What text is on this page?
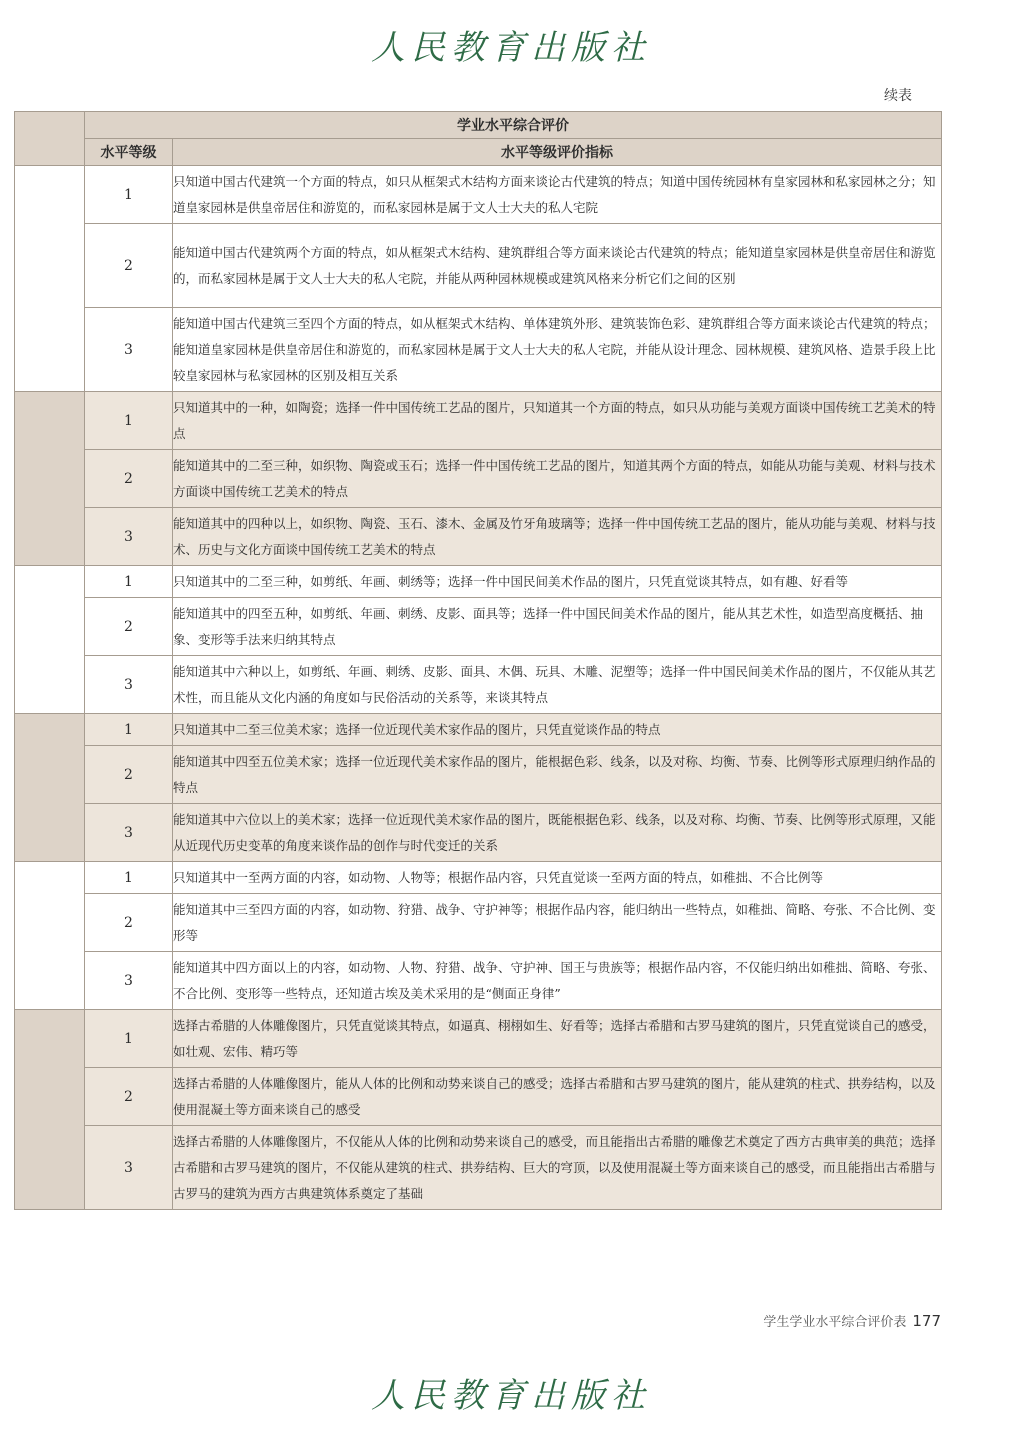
人民教育出版社
续表
	学业水平综合评价	
	水平等级	水平等级评价指标
	1	只知道中国古代建筑一个方面的特点，如只从框架式木结构方面来谈论古代建筑的特点；知道中国传统园林有皇家园林和私家园林之分；知道皇家园林是供皇帝居住和游览的，而私家园林是属于文人士大夫的私人宅院
	2	能知道中国古代建筑两个方面的特点，如从框架式木结构、建筑群组合等方面来谈论古代建筑的特点；能知道皇家园林是供皇帝居住和游览的，而私家园林是属于文人士大夫的私人宅院，并能从两种园林规模或建筑风格来分析它们之间的区别
	3	能知道中国古代建筑三至四个方面的特点，如从框架式木结构、单体建筑外形、建筑装饰色彩、建筑群组合等方面来谈论古代建筑的特点；能知道皇家园林是供皇帝居住和游览的，而私家园林是属于文人士大夫的私人宅院，并能从设计理念、园林规模、建筑风格、造景手段上比较皇家园林与私家园林的区别及相互关系
	1	只知道其中的一种，如陶瓷；选择一件中国传统工艺品的图片，只知道其一个方面的特点，如只从功能与美观方面谈中国传统工艺美术的特点
	2	能知道其中的二至三种，如织物、陶瓷或玉石；选择一件中国传统工艺品的图片，知道其两个方面的特点，如能从功能与美观、材料与技术方面谈中国传统工艺美术的特点
	3	能知道其中的四种以上，如织物、陶瓷、玉石、漆木、金属及竹牙角玻璃等；选择一件中国传统工艺品的图片，能从功能与美观、材料与技术、历史与文化方面谈中国传统工艺美术的特点
	1	只知道其中的二至三种，如剪纸、年画、刺绣等；选择一件中国民间美术作品的图片，只凭直觉谈其特点，如有趣、好看等
	2	能知道其中的四至五种，如剪纸、年画、刺绣、皮影、面具等；选择一件中国民间美术作品的图片，能从其艺术性，如造型高度概括、抽象、变形等手法来归纳其特点
	3	能知道其中六种以上，如剪纸、年画、刺绣、皮影、面具、木偶、玩具、木雕、泥塑等；选择一件中国民间美术作品的图片，不仅能从其艺术性，而且能从文化内涵的角度如与民俗活动的关系等，来谈其特点
	1	只知道其中二至三位美术家；选择一位近现代美术家作品的图片，只凭直觉谈作品的特点
	2	能知道其中四至五位美术家；选择一位近现代美术家作品的图片，能根据色彩、线条，以及对称、均衡、节奏、比例等形式原理归纳作品的特点
	3	能知道其中六位以上的美术家；选择一位近现代美术家作品的图片，既能根据色彩、线条，以及对称、均衡、节奏、比例等形式原理，又能从近现代历史变革的角度来谈作品的创作与时代变迁的关系
	1	只知道其中一至两方面的内容，如动物、人物等；根据作品内容，只凭直觉谈一至两方面的特点，如稚拙、不合比例等
	2	能知道其中三至四方面的内容，如动物、狩猎、战争、守护神等；根据作品内容，能归纳出一些特点，如稚拙、简略、夸张、不合比例、变形等
	3	能知道其中四方面以上的内容，如动物、人物、狩猎、战争、守护神、国王与贵族等；根据作品内容，不仅能归纳出如稚拙、简略、夸张、不合比例、变形等一些特点，还知道古埃及美术采用的是“侧面正身律”
	1	选择古希腊的人体雕像图片，只凭直觉谈其特点，如逼真、栩栩如生、好看等；选择古希腊和古罗马建筑的图片，只凭直觉谈自己的感受，如壮观、宏伟、精巧等
	2	选择古希腊的人体雕像图片，能从人体的比例和动势来谈自己的感受；选择古希腊和古罗马建筑的图片，能从建筑的柱式、拱券结构，以及使用混凝土等方面来谈自己的感受
	3	选择古希腊的人体雕像图片，不仅能从人体的比例和动势来谈自己的感受，而且能指出古希腊的雕像艺术奠定了西方古典审美的典范；选择古希腊和古罗马建筑的图片，不仅能从建筑的柱式、拱券结构、巨大的穹顶，以及使用混凝土等方面来谈自己的感受，而且能指出古希腊与古罗马的建筑为西方古典建筑体系奠定了基础
学生学业水平综合评价表 177
人民教育出版社
